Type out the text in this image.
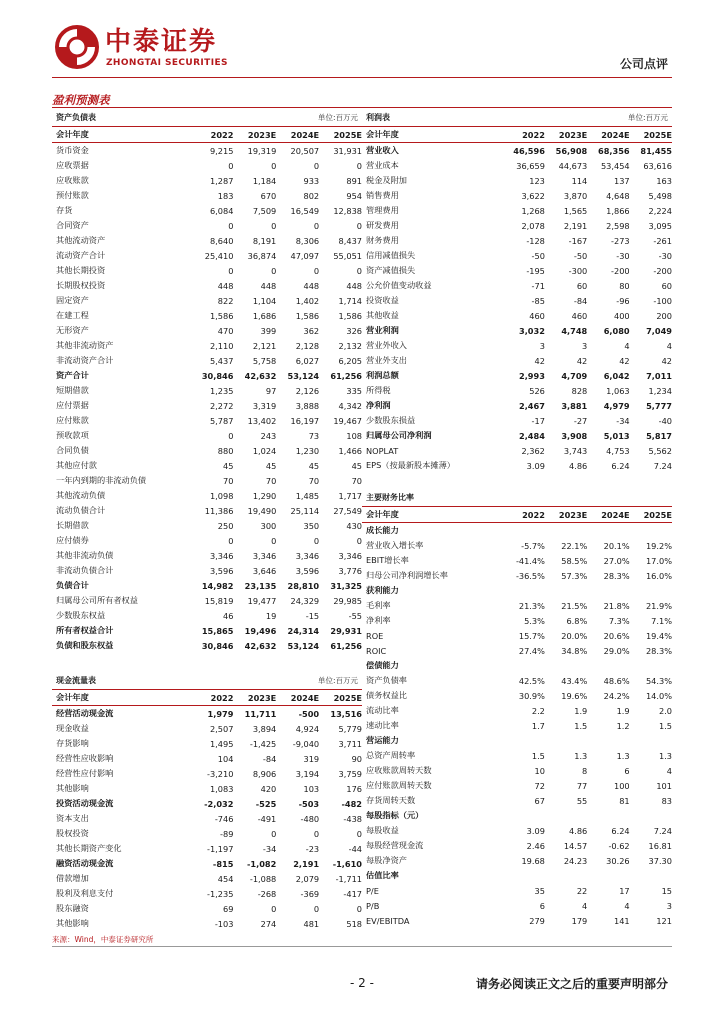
中泰证券
ZHONGTAI SECURITIES	公司点评
盈利预测表
资产负债表	单位:百万元
会计年度	2022	2023E	2024E	2025E
货币资金	9,215	19,319	20,507	31,931
应收票据	0	0	0	0
应收账款	1,287	1,184	933	891
预付账款	183	670	802	954
存货	6,084	7,509	16,549	12,838
合同资产	0	0	0	0
其他流动资产	8,640	8,191	8,306	8,437
流动资产合计	25,410	36,874	47,097	55,051
其他长期投资	0	0	0	0
长期股权投资	448	448	448	448
固定资产	822	1,104	1,402	1,714
在建工程	1,586	1,686	1,586	1,586
无形资产	470	399	362	326
其他非流动资产	2,110	2,121	2,128	2,132
非流动资产合计	5,437	5,758	6,027	6,205
资产合计	30,846	42,632	53,124	61,256
短期借款	1,235	97	2,126	335
应付票据	2,272	3,319	3,888	4,342
应付账款	5,787	13,402	16,197	19,467
预收款项	0	243	73	108
合同负债	880	1,024	1,230	1,466
其他应付款	45	45	45	45
一年内到期的非流动负债	70	70	70	70
其他流动负债	1,098	1,290	1,485	1,717
流动负债合计	11,386	19,490	25,114	27,549
长期借款	250	300	350	430
应付债券	0	0	0	0
其他非流动负债	3,346	3,346	3,346	3,346
非流动负债合计	3,596	3,646	3,596	3,776
负债合计	14,982	23,135	28,810	31,325
归属母公司所有者权益	15,819	19,477	24,329	29,985
少数股东权益	46	19	-15	-55
所有者权益合计	15,865	19,496	24,314	29,931
负债和股东权益	30,846	42,632	53,124	61,256
利润表	单位:百万元
会计年度	2022	2023E	2024E	2025E
营业收入	46,596	56,908	68,356	81,455
营业成本	36,659	44,673	53,454	63,616
税金及附加	123	114	137	163
销售费用	3,622	3,870	4,648	5,498
管理费用	1,268	1,565	1,866	2,224
研发费用	2,078	2,191	2,598	3,095
财务费用	-128	-167	-273	-261
信用减值损失	-50	-50	-30	-30
资产减值损失	-195	-300	-200	-200
公允价值变动收益	-71	60	80	60
投资收益	-85	-84	-96	-100
其他收益	460	460	400	200
营业利润	3,032	4,748	6,080	7,049
营业外收入	3	3	4	4
营业外支出	42	42	42	42
利润总额	2,993	4,709	6,042	7,011
所得税	526	828	1,063	1,234
净利润	2,467	3,881	4,979	5,777
少数股东损益	-17	-27	-34	-40
归属母公司净利润	2,484	3,908	5,013	5,817
NOPLAT	2,362	3,743	4,753	5,562
EPS（按最新股本摊薄）	3.09	4.86	6.24	7.24
主要财务比率
会计年度	2022	2023E	2024E	2025E
成长能力
营业收入增长率	-5.7%	22.1%	20.1%	19.2%
EBIT增长率	-41.4%	58.5%	27.0%	17.0%
归母公司净利润增长率	-36.5%	57.3%	28.3%	16.0%
获利能力
毛利率	21.3%	21.5%	21.8%	21.9%
净利率	5.3%	6.8%	7.3%	7.1%
ROE	15.7%	20.0%	20.6%	19.4%
ROIC	27.4%	34.8%	29.0%	28.3%
偿债能力
资产负债率	42.5%	43.4%	48.6%	54.3%
债务权益比	30.9%	19.6%	24.2%	14.0%
流动比率	2.2	1.9	1.9	2.0
速动比率	1.7	1.5	1.2	1.5
营运能力
总资产周转率	1.5	1.3	1.3	1.3
应收账款周转天数	10	8	6	4
应付账款周转天数	72	77	100	101
存货周转天数	67	55	81	83
每股指标（元）
每股收益	3.09	4.86	6.24	7.24
每股经营现金流	2.46	14.57	-0.62	16.81
每股净资产	19.68	24.23	30.26	37.30
估值比率
P/E	35	22	17	15
P/B	6	4	4	3
EV/EBITDA	279	179	141	121
现金流量表	单位:百万元
会计年度	2022	2023E	2024E	2025E
经营活动现金流	1,979	11,711	-500	13,516
现金收益	2,507	3,894	4,924	5,779
存货影响	1,495	-1,425	-9,040	3,711
经营性应收影响	104	-84	319	90
经营性应付影响	-3,210	8,906	3,194	3,759
其他影响	1,083	420	103	176
投资活动现金流	-2,032	-525	-503	-482
资本支出	-746	-491	-480	-438
股权投资	-89	0	0	0
其他长期资产变化	-1,197	-34	-23	-44
融资活动现金流	-815	-1,082	2,191	-1,610
借款增加	454	-1,088	2,079	-1,711
股利及利息支付	-1,235	-268	-369	-417
股东融资	69	0	0	0
其他影响	-103	274	481	518
来源：Wind，中泰证券研究所
- 2 -	请务必阅读正文之后的重要声明部分
